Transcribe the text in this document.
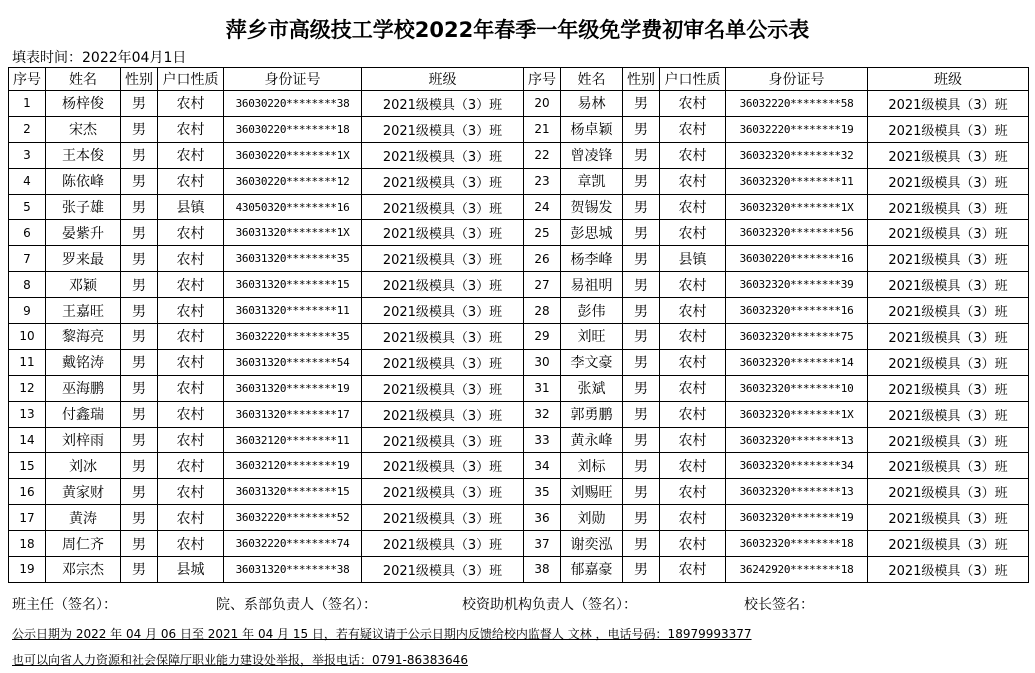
萍乡市高级技工学校2022年春季一年级免学费初审名单公示表
填表时间：2022年04月1日
序号	姓名	性别	户口性质	身份证号	班级	序号	姓名	性别	户口性质	身份证号	班级
1	杨梓俊	男	农村	36030220********38	2021级模具（3）班	20	易林	男	农村	36032220********58	2021级模具（3）班
2	宋杰	男	农村	36030220********18	2021级模具（3）班	21	杨卓颖	男	农村	36032220********19	2021级模具（3）班
3	王本俊	男	农村	36030220********1X	2021级模具（3）班	22	曾凌锋	男	农村	36032320********32	2021级模具（3）班
4	陈依峰	男	农村	36030220********12	2021级模具（3）班	23	章凯	男	农村	36032320********11	2021级模具（3）班
5	张子雄	男	县镇	43050320********16	2021级模具（3）班	24	贺锡发	男	农村	36032320********1X	2021级模具（3）班
6	晏紫升	男	农村	36031320********1X	2021级模具（3）班	25	彭思城	男	农村	36032320********56	2021级模具（3）班
7	罗来最	男	农村	36031320********35	2021级模具（3）班	26	杨李峰	男	县镇	36030220********16	2021级模具（3）班
8	邓颖	男	农村	36031320********15	2021级模具（3）班	27	易祖明	男	农村	36032320********39	2021级模具（3）班
9	王嘉旺	男	农村	36031320********11	2021级模具（3）班	28	彭伟	男	农村	36032320********16	2021级模具（3）班
10	黎海亮	男	农村	36032220********35	2021级模具（3）班	29	刘旺	男	农村	36032320********75	2021级模具（3）班
11	戴铭涛	男	农村	36031320********54	2021级模具（3）班	30	李文豪	男	农村	36032320********14	2021级模具（3）班
12	巫海鹏	男	农村	36031320********19	2021级模具（3）班	31	张斌	男	农村	36032320********10	2021级模具（3）班
13	付鑫瑞	男	农村	36031320********17	2021级模具（3）班	32	郭勇鹏	男	农村	36032320********1X	2021级模具（3）班
14	刘梓雨	男	农村	36032120********11	2021级模具（3）班	33	黄永峰	男	农村	36032320********13	2021级模具（3）班
15	刘冰	男	农村	36032120********19	2021级模具（3）班	34	刘标	男	农村	36032320********34	2021级模具（3）班
16	黄家财	男	农村	36031320********15	2021级模具（3）班	35	刘赐旺	男	农村	36032320********13	2021级模具（3）班
17	黄涛	男	农村	36032220********52	2021级模具（3）班	36	刘勋	男	农村	36032320********19	2021级模具（3）班
18	周仁齐	男	农村	36032220********74	2021级模具（3）班	37	谢奕泓	男	农村	36032320********18	2021级模具（3）班
19	邓宗杰	男	县城	36031320********38	2021级模具（3）班	38	郁嘉豪	男	农村	36242920********18	2021级模具（3）班
班主任（签名）：	院、系部负责人（签名）：	校资助机构负责人（签名）：	校长签名：
公示日期为 2022 年 04 月 06 日至 2021 年 04 月 15 日，若有疑议请于公示日期内反馈给校内监督人 文林 ，电话号码：18979993377
也可以向省人力资源和社会保障厅职业能力建设处举报，举报电话：0791-86383646
